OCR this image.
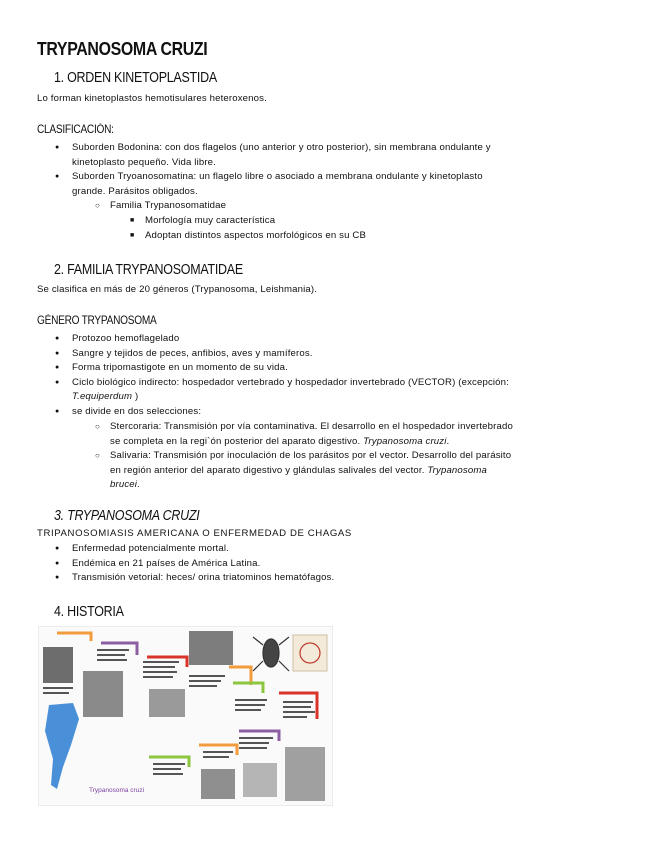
TRYPANOSOMA CRUZI
1. ORDEN KINETOPLASTIDA
Lo forman kinetoplastos hemotisulares heteroxenos.
CLASIFICACIÓN:
● Suborden Bodonina: con dos flagelos (uno anterior y otro posterior), sin membrana ondulante y
kinetoplasto pequeño. Vida libre.
● Suborden Tryoanosomatina: un flagelo libre o asociado a membrana ondulante y kinetoplasto
grande. Parásitos obligados.
○ Familia Trypanosomatidae
■ Morfología muy característica
■ Adoptan distintos aspectos morfológicos en su CB
2. FAMILIA TRYPANOSOMATIDAE
Se clasifica en más de 20 géneros (Trypanosoma, Leishmania).
GÉNERO TRYPANOSOMA
● Protozoo hemoflagelado
● Sangre y tejidos de peces, anfibios, aves y mamíferos.
● Forma tripomastigote en un momento de su vida.
● Ciclo biológico indirecto: hospedador vertebrado y hospedador invertebrado (VECTOR) (excepción:
T.equiperdum )
● se divide en dos selecciones:
○ Stercoraria: Transmisión por vía contaminativa. El desarrollo en el hospedador invertebrado
se completa en la regi`ón posterior del aparato digestivo. Trypanosoma cruzi.
○ Salivaria: Transmisión por inoculación de los parásitos por el vector. Desarrollo del parásito
en región anterior del aparato digestivo y glándulas salivales del vector. Trypanosoma
brucei.
3. TRYPANOSOMA CRUZI
TRIPANOSOMIASIS AMERICANA O ENFERMEDAD DE CHAGAS
● Enfermedad potencialmente mortal.
● Endémica en 21 países de América Latina.
● Transmisión vetorial: heces/ orina triatominos hematófagos.
4. HISTORIA
Trypanosoma cruzi
